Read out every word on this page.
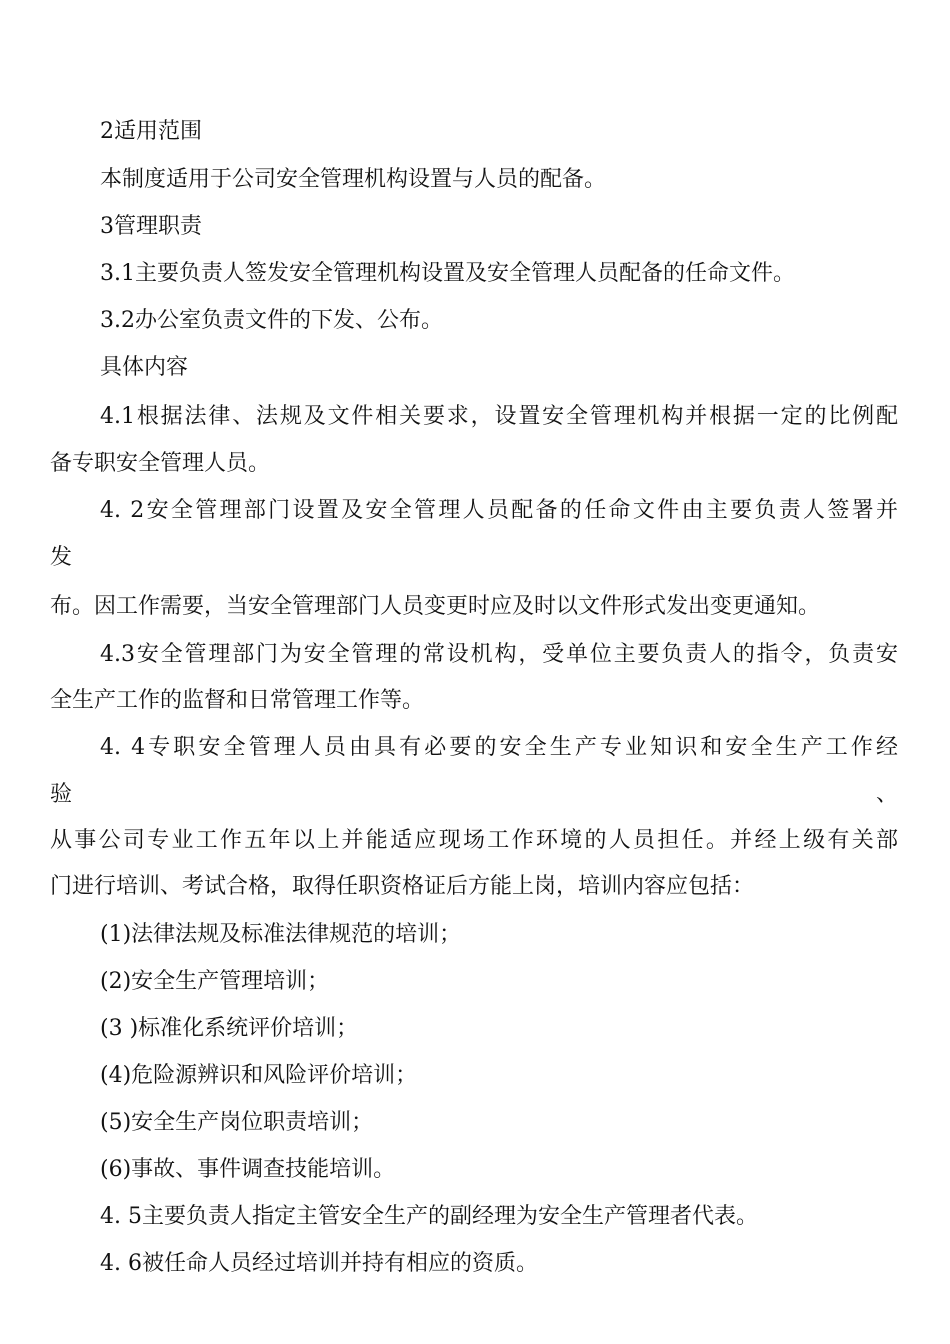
2适用范围
本制度适用于公司安全管理机构设置与人员的配备。
3管理职责
3.1主要负责人签发安全管理机构设置及安全管理人员配备的任命文件。
3.2办公室负责文件的下发、公布。
具体内容
4.1根据法律、法规及文件相关要求，设置安全管理机构并根据一定的比例配
备专职安全管理人员。
4. 2安全管理部门设置及安全管理人员配备的任命文件由主要负责人签署并
发
布。因工作需要，当安全管理部门人员变更时应及时以文件形式发出变更通知。
4.3安全管理部门为安全管理的常设机构，受单位主要负责人的指令，负责安
全生产工作的监督和日常管理工作等。
4. 4专职安全管理人员由具有必要的安全生产专业知识和安全生产工作经
验	、
从事公司专业工作五年以上并能适应现场工作环境的人员担任。并经上级有关部
门进行培训、考试合格，取得任职资格证后方能上岗，培训内容应包括：
(1)法律法规及标准法律规范的培训；
(2)安全生产管理培训；
(3 )标准化系统评价培训；
(4)危险源辨识和风险评价培训；
(5)安全生产岗位职责培训；
(6)事故、事件调查技能培训。
4. 5主要负责人指定主管安全生产的副经理为安全生产管理者代表。
4. 6被任命人员经过培训并持有相应的资质。
